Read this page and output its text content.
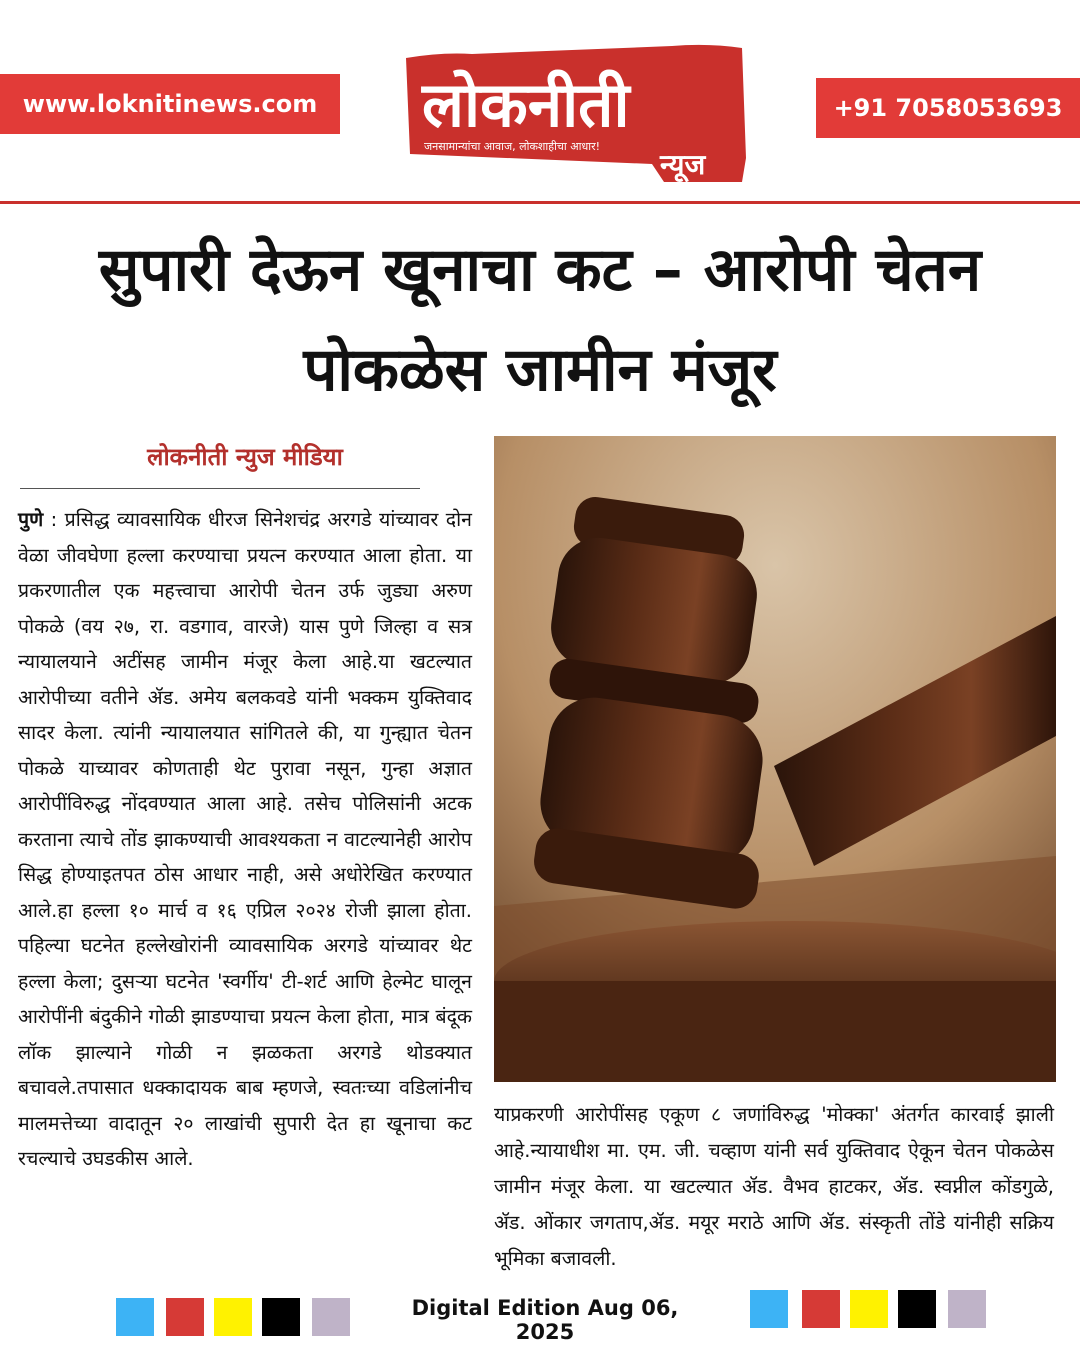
www.loknitinews.com लोकनीती
जनसामान्यांचा आवाज, लोकशाहीचा आधार!
न्यूज
+91 7058053693
सुपारी देऊन खूनाचा कट – आरोपी चेतन
पोकळेस जामीन मंजूर
लोकनीती न्युज मीडिया

पुणे : प्रसिद्ध व्यावसायिक धीरज सिनेशचंद्र अरगडे यांच्यावर दोन वेळा जीवघेणा हल्ला करण्याचा प्रयत्न करण्यात आला होता. या प्रकरणातील एक महत्त्वाचा आरोपी चेतन उर्फ जुड्या अरुण पोकळे (वय २७, रा. वडगाव, वारजे) यास पुणे जिल्हा व सत्र न्यायालयाने अटींसह जामीन मंजूर केला आहे.या खटल्यात आरोपीच्या वतीने ॲड. अमेय बलकवडे यांनी भक्कम युक्तिवाद सादर केला. त्यांनी न्यायालयात सांगितले की, या गुन्ह्यात चेतन पोकळे याच्यावर कोणताही थेट पुरावा नसून, गुन्हा अज्ञात आरोपींविरुद्ध नोंदवण्यात आला आहे. तसेच पोलिसांनी अटक करताना त्याचे तोंड झाकण्याची आवश्यकता न वाटल्यानेही आरोप सिद्ध होण्याइतपत ठोस आधार नाही, असे अधोरेखित करण्यात आले.हा हल्ला १० मार्च व १६ एप्रिल २०२४ रोजी झाला होता. पहिल्या घटनेत हल्लेखोरांनी व्यावसायिक अरगडे यांच्यावर थेट हल्ला केला; दुसऱ्या घटनेत 'स्वर्गीय' टी-शर्ट आणि हेल्मेट घालून आरोपींनी बंदुकीने गोळी झाडण्याचा प्रयत्न केला होता, मात्र बंदूक लॉक झाल्याने गोळी न झळकता अरगडे थोडक्यात बचावले.तपासात धक्कादायक बाब म्हणजे, स्वतःच्या वडिलांनीच मालमत्तेच्या वादातून २० लाखांची सुपारी देत हा खूनाचा कट रचल्याचे उघडकीस आले.

याप्रकरणी आरोपींसह एकूण ८ जणांविरुद्ध 'मोक्का' अंतर्गत कारवाई झाली आहे.न्यायाधीश मा. एम. जी. चव्हाण यांनी सर्व युक्तिवाद ऐकून चेतन पोकळेस जामीन मंजूर केला. या खटल्यात ॲड. वैभव हाटकर, ॲड. स्वप्नील कोंडगुळे, ॲड. ओंकार जगताप,ॲड. मयूर मराठे आणि ॲड. संस्कृती तोंडे यांनीही सक्रिय भूमिका बजावली.

Digital Edition Aug 06, 2025
